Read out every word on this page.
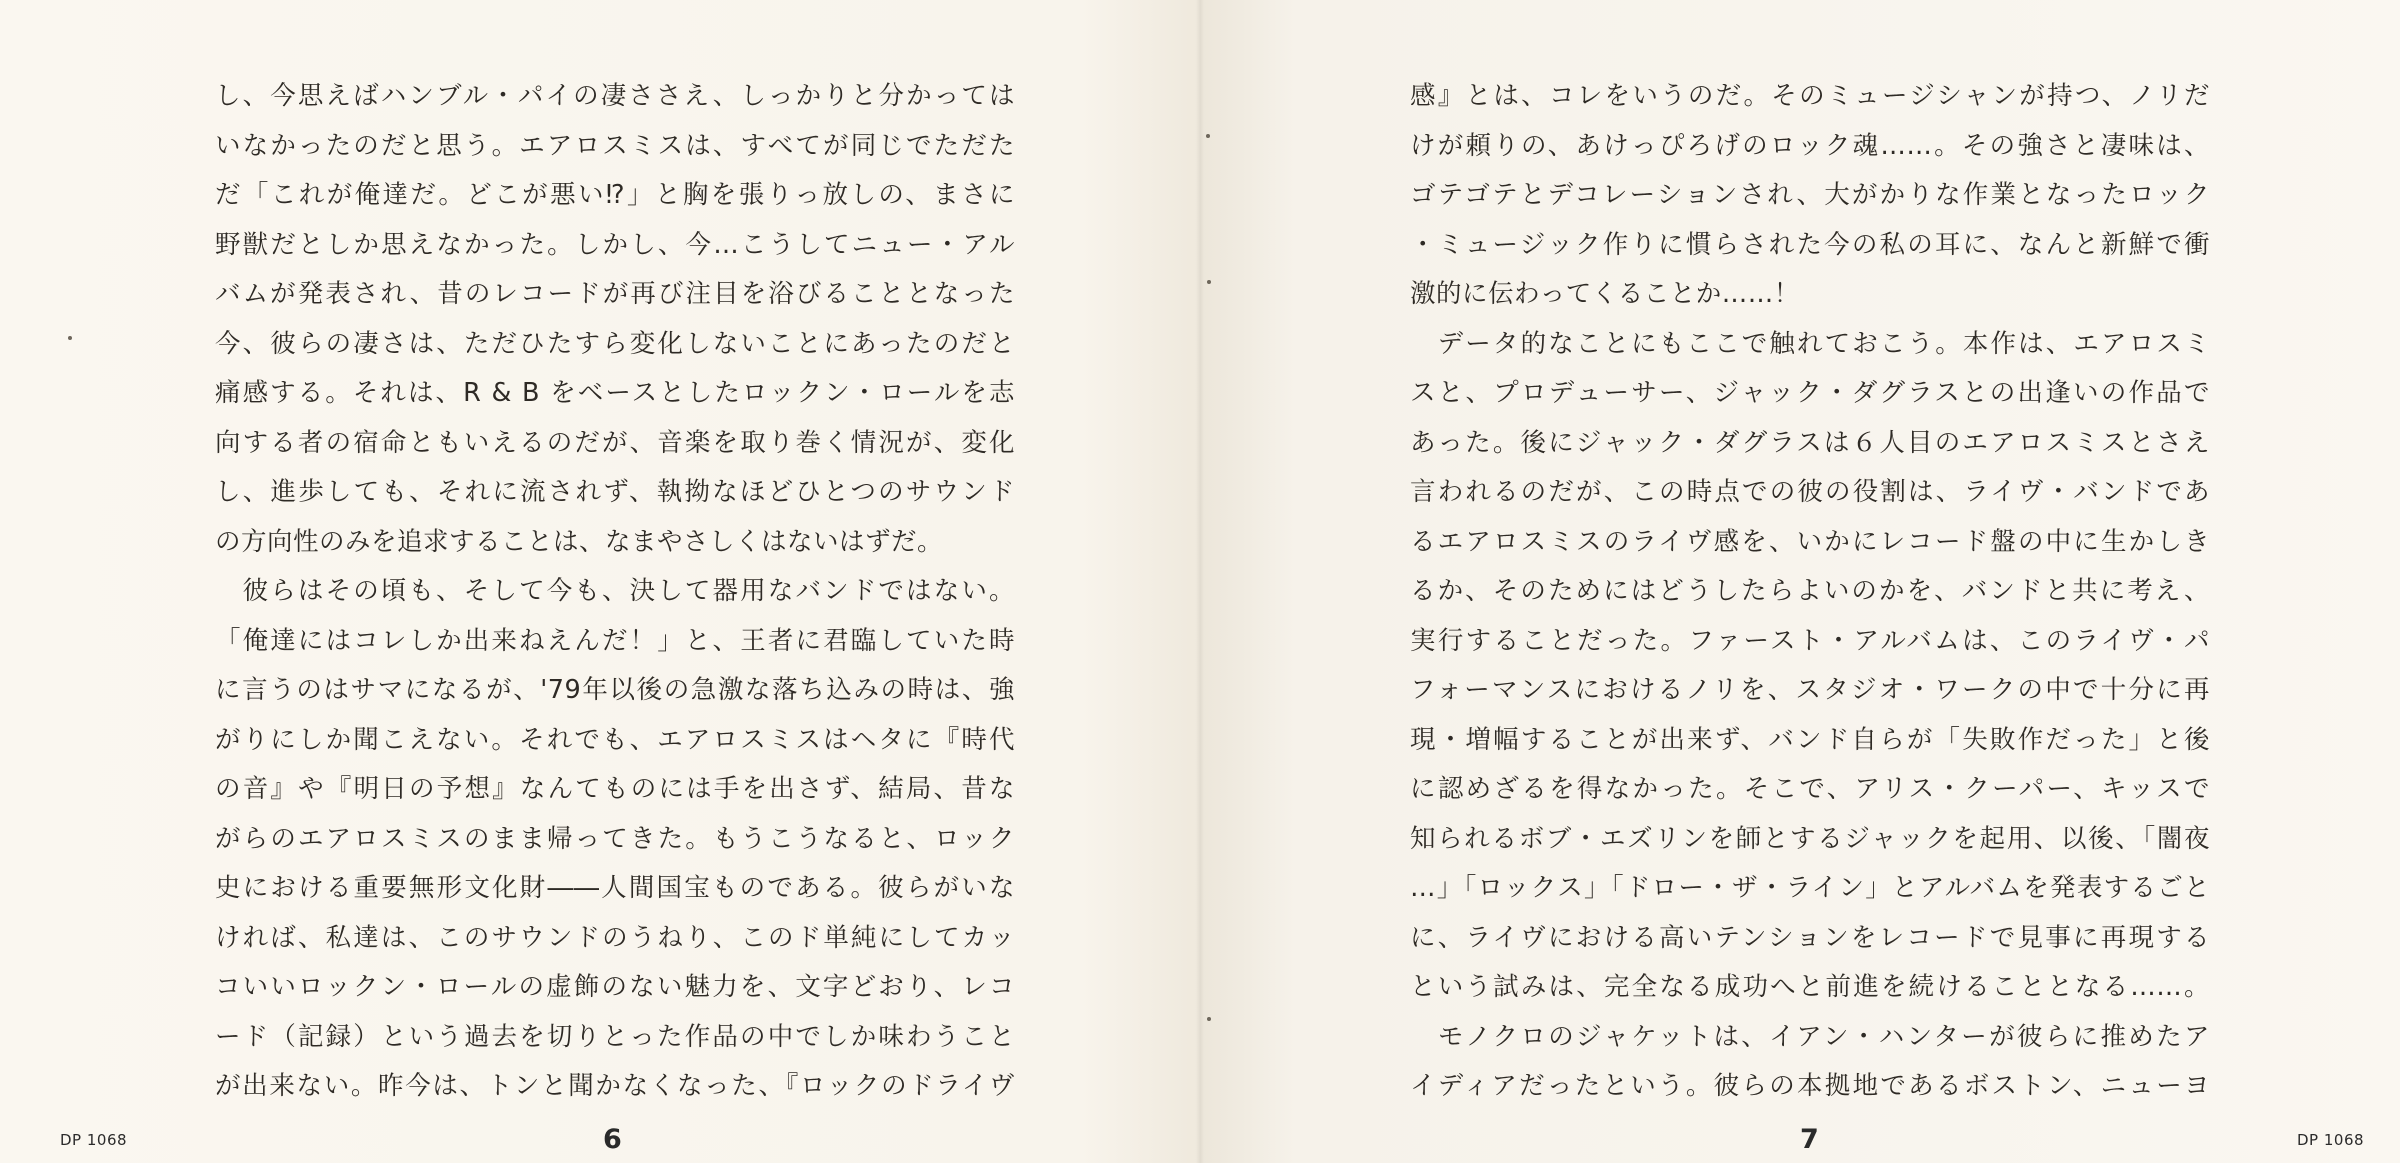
し、今思えばハンブル・パイの凄ささえ、しっかりと分かっては
いなかったのだと思う。エアロスミスは、すべてが同じでただた
だ「これが俺達だ。どこが悪い⁉」と胸を張りっ放しの、まさに
野獣だとしか思えなかった。しかし、今…こうしてニュー・アル
バムが発表され、昔のレコードが再び注目を浴びることとなった
今、彼らの凄さは、ただひたすら変化しないことにあったのだと
痛感する。それは、R & B をベースとしたロックン・ロールを志
向する者の宿命ともいえるのだが、音楽を取り巻く情況が、変化
し、進歩しても、それに流されず、執拗なほどひとつのサウンド
の方向性のみを追求することは、なまやさしくはないはずだ。
　彼らはその頃も、そして今も、決して器用なバンドではない。
「俺達にはコレしか出来ねえんだ！」と、王者に君臨していた時
に言うのはサマになるが、'79年以後の急激な落ち込みの時は、強
がりにしか聞こえない。それでも、エアロスミスはヘタに『時代
の音』や『明日の予想』なんてものには手を出さず、結局、昔な
がらのエアロスミスのまま帰ってきた。もうこうなると、ロック
史における重要無形文化財――人間国宝ものである。彼らがいな
ければ、私達は、このサウンドのうねり、このド単純にしてカッ
コいいロックン・ロールの虚飾のない魅力を、文字どおり、レコ
ード（記録）という過去を切りとった作品の中でしか味わうこと
が出来ない。昨今は、トンと聞かなくなった、『ロックのドライヴ
DP 1068	6
感』とは、コレをいうのだ。そのミュージシャンが持つ、ノリだ
けが頼りの、あけっぴろげのロック魂……。その強さと凄味は、
ゴテゴテとデコレーションされ、大がかりな作業となったロック
・ミュージック作りに慣らされた今の私の耳に、なんと新鮮で衝
激的に伝わってくることか……！
　データ的なことにもここで触れておこう。本作は、エアロスミ
スと、プロデューサー、ジャック・ダグラスとの出逢いの作品で
あった。後にジャック・ダグラスは６人目のエアロスミスとさえ
言われるのだが、この時点での彼の役割は、ライヴ・バンドであ
るエアロスミスのライヴ感を、いかにレコード盤の中に生かしき
るか、そのためにはどうしたらよいのかを、バンドと共に考え、
実行することだった。ファースト・アルバムは、このライヴ・パ
フォーマンスにおけるノリを、スタジオ・ワークの中で十分に再
現・増幅することが出来ず、バンド自らが「失敗作だった」と後
に認めざるを得なかった。そこで、アリス・クーパー、キッスで
知られるボブ・エズリンを師とするジャックを起用、以後、「闇夜
…」「ロックス」「ドロー・ザ・ライン」とアルバムを発表するごと
に、ライヴにおける高いテンションをレコードで見事に再現する
という試みは、完全なる成功へと前進を続けることとなる……。
　モノクロのジャケットは、イアン・ハンターが彼らに推めたア
イディアだったという。彼らの本拠地であるボストン、ニューヨ
7	DP 1068
